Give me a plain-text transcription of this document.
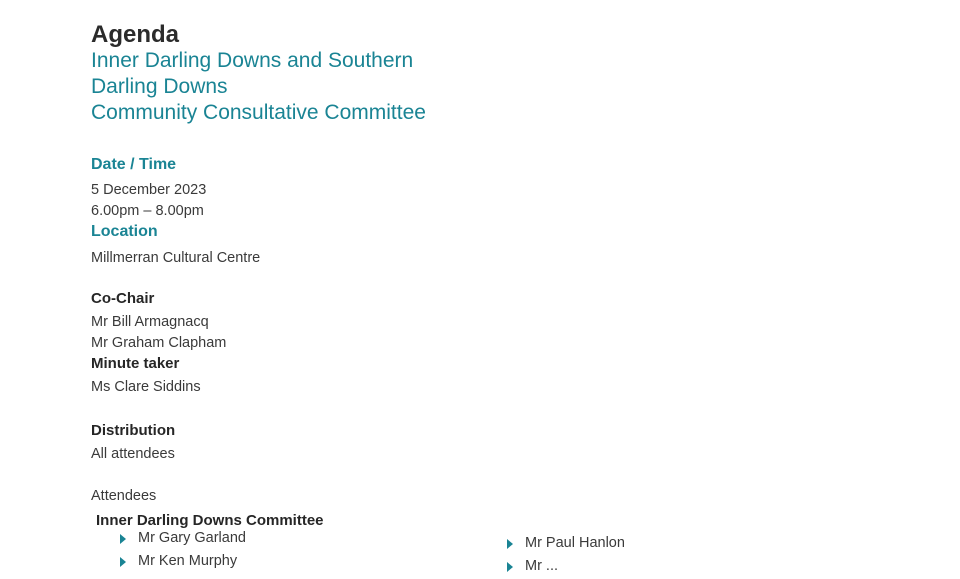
Agenda
Inner Darling Downs and Southern
Darling Downs
Community Consultative Committee
Date / Time

5 December 2023
6.00pm – 8.00pm

Location

Millmerran Cultural Centre

Co-Chair

Mr Bill Armagnacq
Mr Graham Clapham

Minute taker

Ms Clare Siddins

Distribution

All attendees

Attendees

Inner Darling Downs Committee
Mr Gary Garland
Mr Ken Murphy
Mr Paul Hanlon
Mr ...
